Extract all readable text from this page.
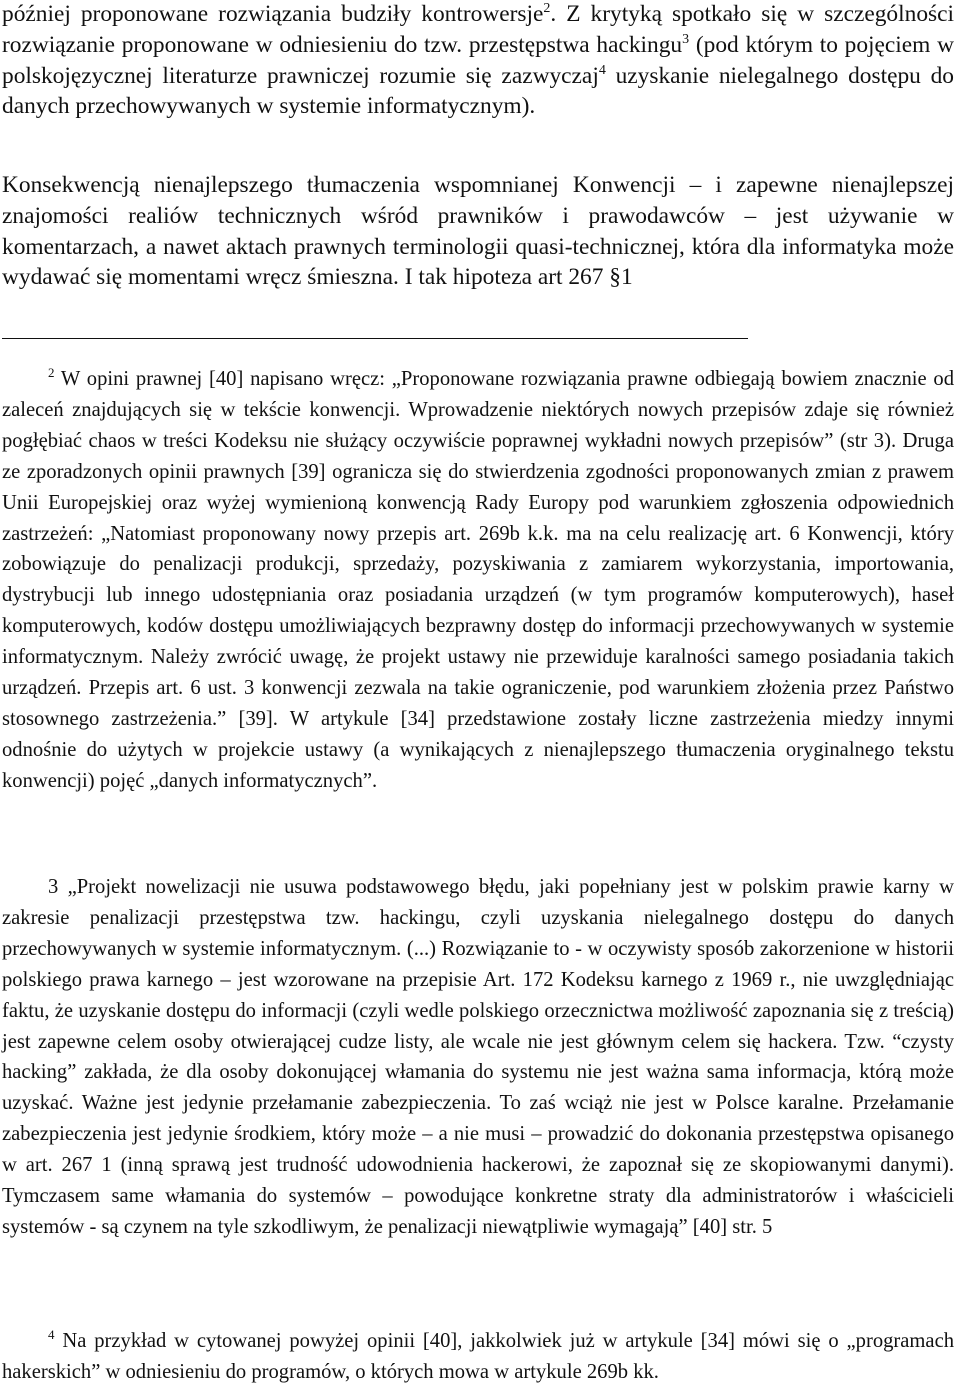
później proponowane rozwiązania budziły kontrowersje$^2$. Z krytyką spotkało się w szczególności rozwiązanie proponowane w odniesieniu do tzw. przestępstwa hackingu$^3$ (pod którym to pojęciem w polskojęzycznej literaturze prawniczej rozumie się zazwyczaj$^4$ uzyskanie nielegalnego dostępu do danych przechowywanych w systemie informatycznym).

Konsekwencją nienajlepszego tłumaczenia wspomnianej Konwencji – i zapewne nienajlepszej znajomości realiów technicznych wśród prawników i prawodawców – jest używanie w komentarzach, a nawet aktach prawnych terminologii quasi-technicznej, która dla informatyka może wydawać się momentami wręcz śmieszna. I tak hipoteza art 267 §1

$^2$ W opini prawnej [40] napisano wręcz: „Proponowane rozwiązania prawne odbiegają bowiem znacznie od zaleceń znajdujących się w tekście konwencji. Wprowadzenie niektórych nowych przepisów zdaje się również pogłębiać chaos w treści Kodeksu nie służący oczywiście poprawnej wykładni nowych przepisów” (str 3). Druga ze zporadzonych opinii prawnych [39] ogranicza się do stwierdzenia zgodności proponowanych zmian z prawem Unii Europejskiej oraz wyżej wymienioną konwencją Rady Europy pod warunkiem zgłoszenia odpowiednich zastrzeżeń: „Natomiast proponowany nowy przepis art. 269b k.k. ma na celu realizację art. 6 Konwencji, który zobowiązuje do penalizacji produkcji, sprzedaży, pozyskiwania z zamiarem wykorzystania, importowania, dystrybucji lub innego udostępniania oraz posiadania urządzeń (w tym programów komputerowych), haseł komputerowych, kodów dostępu umożliwiających bezprawny dostęp do informacji przechowywanych w systemie informatycznym. Należy zwrócić uwagę, że projekt ustawy nie przewiduje karalności samego posiadania takich urządzeń. Przepis art. 6 ust. 3 konwencji zezwala na takie ograniczenie, pod warunkiem złożenia przez Państwo stosownego zastrzeżenia.” [39]. W artykule [34] przedstawione zostały liczne zastrzeżenia miedzy innymi odnośnie do użytych w projekcie ustawy (a wynikających z nienajlepszego tłumaczenia oryginalnego tekstu konwencji) pojęć „danych informatycznych”.

3 „Projekt nowelizacji nie usuwa podstawowego błędu, jaki popełniany jest w polskim prawie karny w zakresie penalizacji przestępstwa tzw. hackingu, czyli uzyskania nielegalnego dostępu do danych przechowywanych w systemie informatycznym. (...) Rozwiązanie to - w oczywisty sposób zakorzenione w historii polskiego prawa karnego – jest wzorowane na przepisie Art. 172 Kodeksu karnego z 1969 r., nie uwzględniając faktu, że uzyskanie dostępu do informacji (czyli wedle polskiego orzecznictwa możliwość zapoznania się z treścią) jest zapewne celem osoby otwierającej cudze listy, ale wcale nie jest głównym celem się hackera. Tzw. “czysty hacking” zakłada, że dla osoby dokonującej włamania do systemu nie jest ważna sama informacja, którą może uzyskać. Ważne jest jedynie przełamanie zabezpieczenia. To zaś wciąż nie jest w Polsce karalne. Przełamanie zabezpieczenia jest jedynie środkiem, który może – a nie musi – prowadzić do dokonania przestępstwa opisanego w art. 267 1 (inną sprawą jest trudność udowodnienia hackerowi, że zapoznał się ze skopiowanymi danymi). Tymczasem same włamania do systemów – powodujące konkretne straty dla administratorów i właścicieli systemów - są czynem na tyle szkodliwym, że penalizacji niewątpliwie wymagają” [40] str. 5

$^4$ Na przykład w cytowanej powyżej opinii [40], jakkolwiek już w artykule [34] mówi się o „programach hakerskich” w odniesieniu do programów, o których mowa w artykule 269b kk.
